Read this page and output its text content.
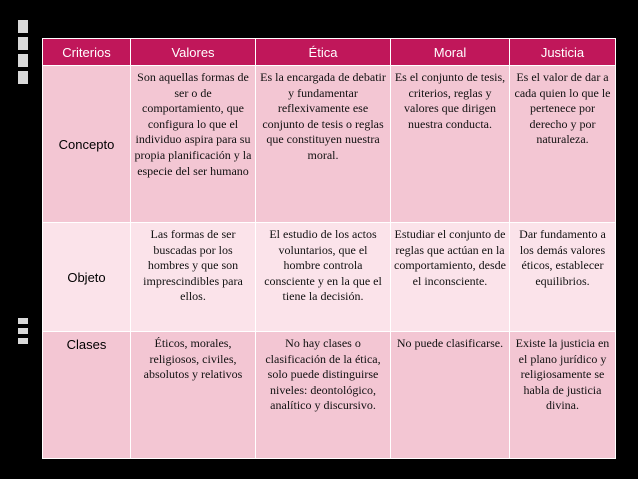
Criterios	Valores	Ética	Moral	Justicia
Concepto	Son aquellas formas de ser o de comportamiento, que configura lo que el individuo aspira para su propia planificación y la especie del ser humano	Es la encargada de debatir y fundamentar reflexivamente ese conjunto de tesis o reglas que constituyen nuestra moral.	Es el conjunto de tesis, criterios, reglas y valores que dirigen nuestra conducta.	Es el valor de dar a cada quien lo que le pertenece por derecho y por naturaleza.
Objeto	Las formas de ser buscadas por los hombres y que son imprescindibles para ellos.	El estudio de los actos voluntarios, que el hombre controla consciente y en la que el tiene la decisión.	Estudiar el conjunto de reglas que actúan en la comportamiento, desde el inconsciente.	Dar fundamento a los demás valores éticos, establecer equilibrios.
Clases	Éticos, morales, religiosos, civiles, absolutos y relativos	No hay clases o clasificación de la ética, solo puede distinguirse niveles: deontológico, analítico y discursivo.	No puede clasificarse.	Existe la justicia en el plano jurídico y religiosamente se habla de justicia divina.
